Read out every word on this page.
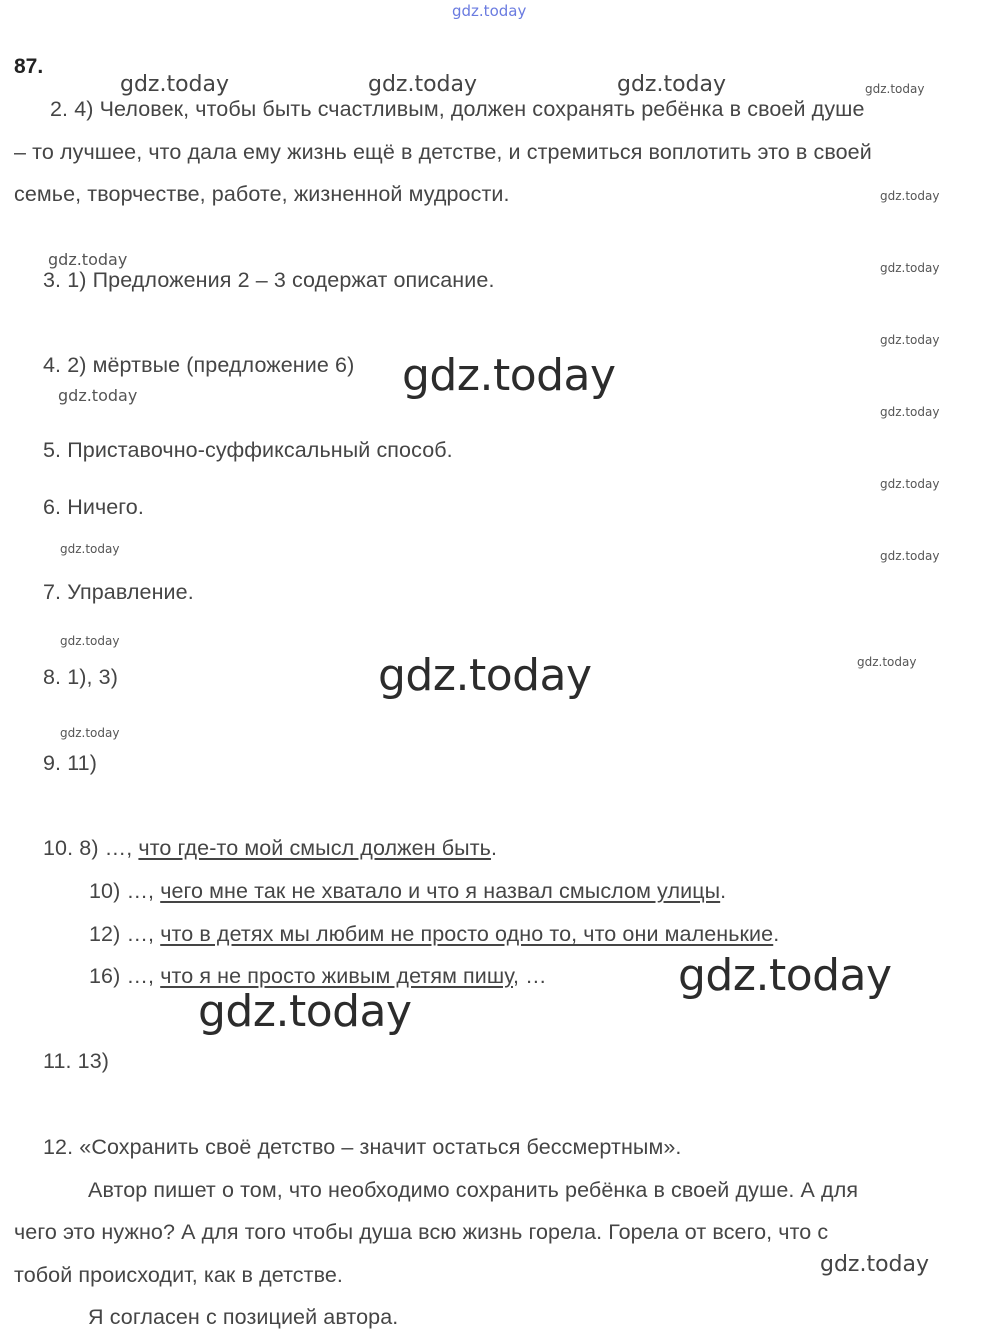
gdz.today
87.
gdz.today	gdz.today	gdz.today	gdz.today
2. 4) Человек, чтобы быть счастливым, должен сохранять ребёнка в своей душе
– то лучшее, что дала ему жизнь ещё в детстве, и стремиться воплотить это в своей
семье, творчестве, работе, жизненной мудрости.	gdz.today
gdz.today
gdz.today
gdz.today
gdz.today
gdz.today
gdz.today
gdz.today
3. 1) Предложения 2 – 3 содержат описание.
4. 2) мёртвые (предложение 6) gdz.today
gdz.today
5. Приставочно-суффиксальный способ.
6. Ничего.
gdz.today
7. Управление.
gdz.today
8. 1), 3)	gdz.today
gdz.today
9. 11)
10. 8) …, что где-то мой смысл должен быть.
10) …, чего мне так не хватало и что я назвал смыслом улицы.
12) …, что в детях мы любим не просто одно то, что они маленькие.
16) …, что я не просто живым детям пишу, …	gdz.today
gdz.today
11. 13)
12. «Сохранить своё детство – значит остаться бессмертным».
Автор пишет о том, что необходимо сохранить ребёнка в своей душе. А для
чего это нужно? А для того чтобы душа всю жизнь горела. Горела от всего, что с
тобой происходит, как в детстве.	gdz.today
Я согласен с позицией автора.
